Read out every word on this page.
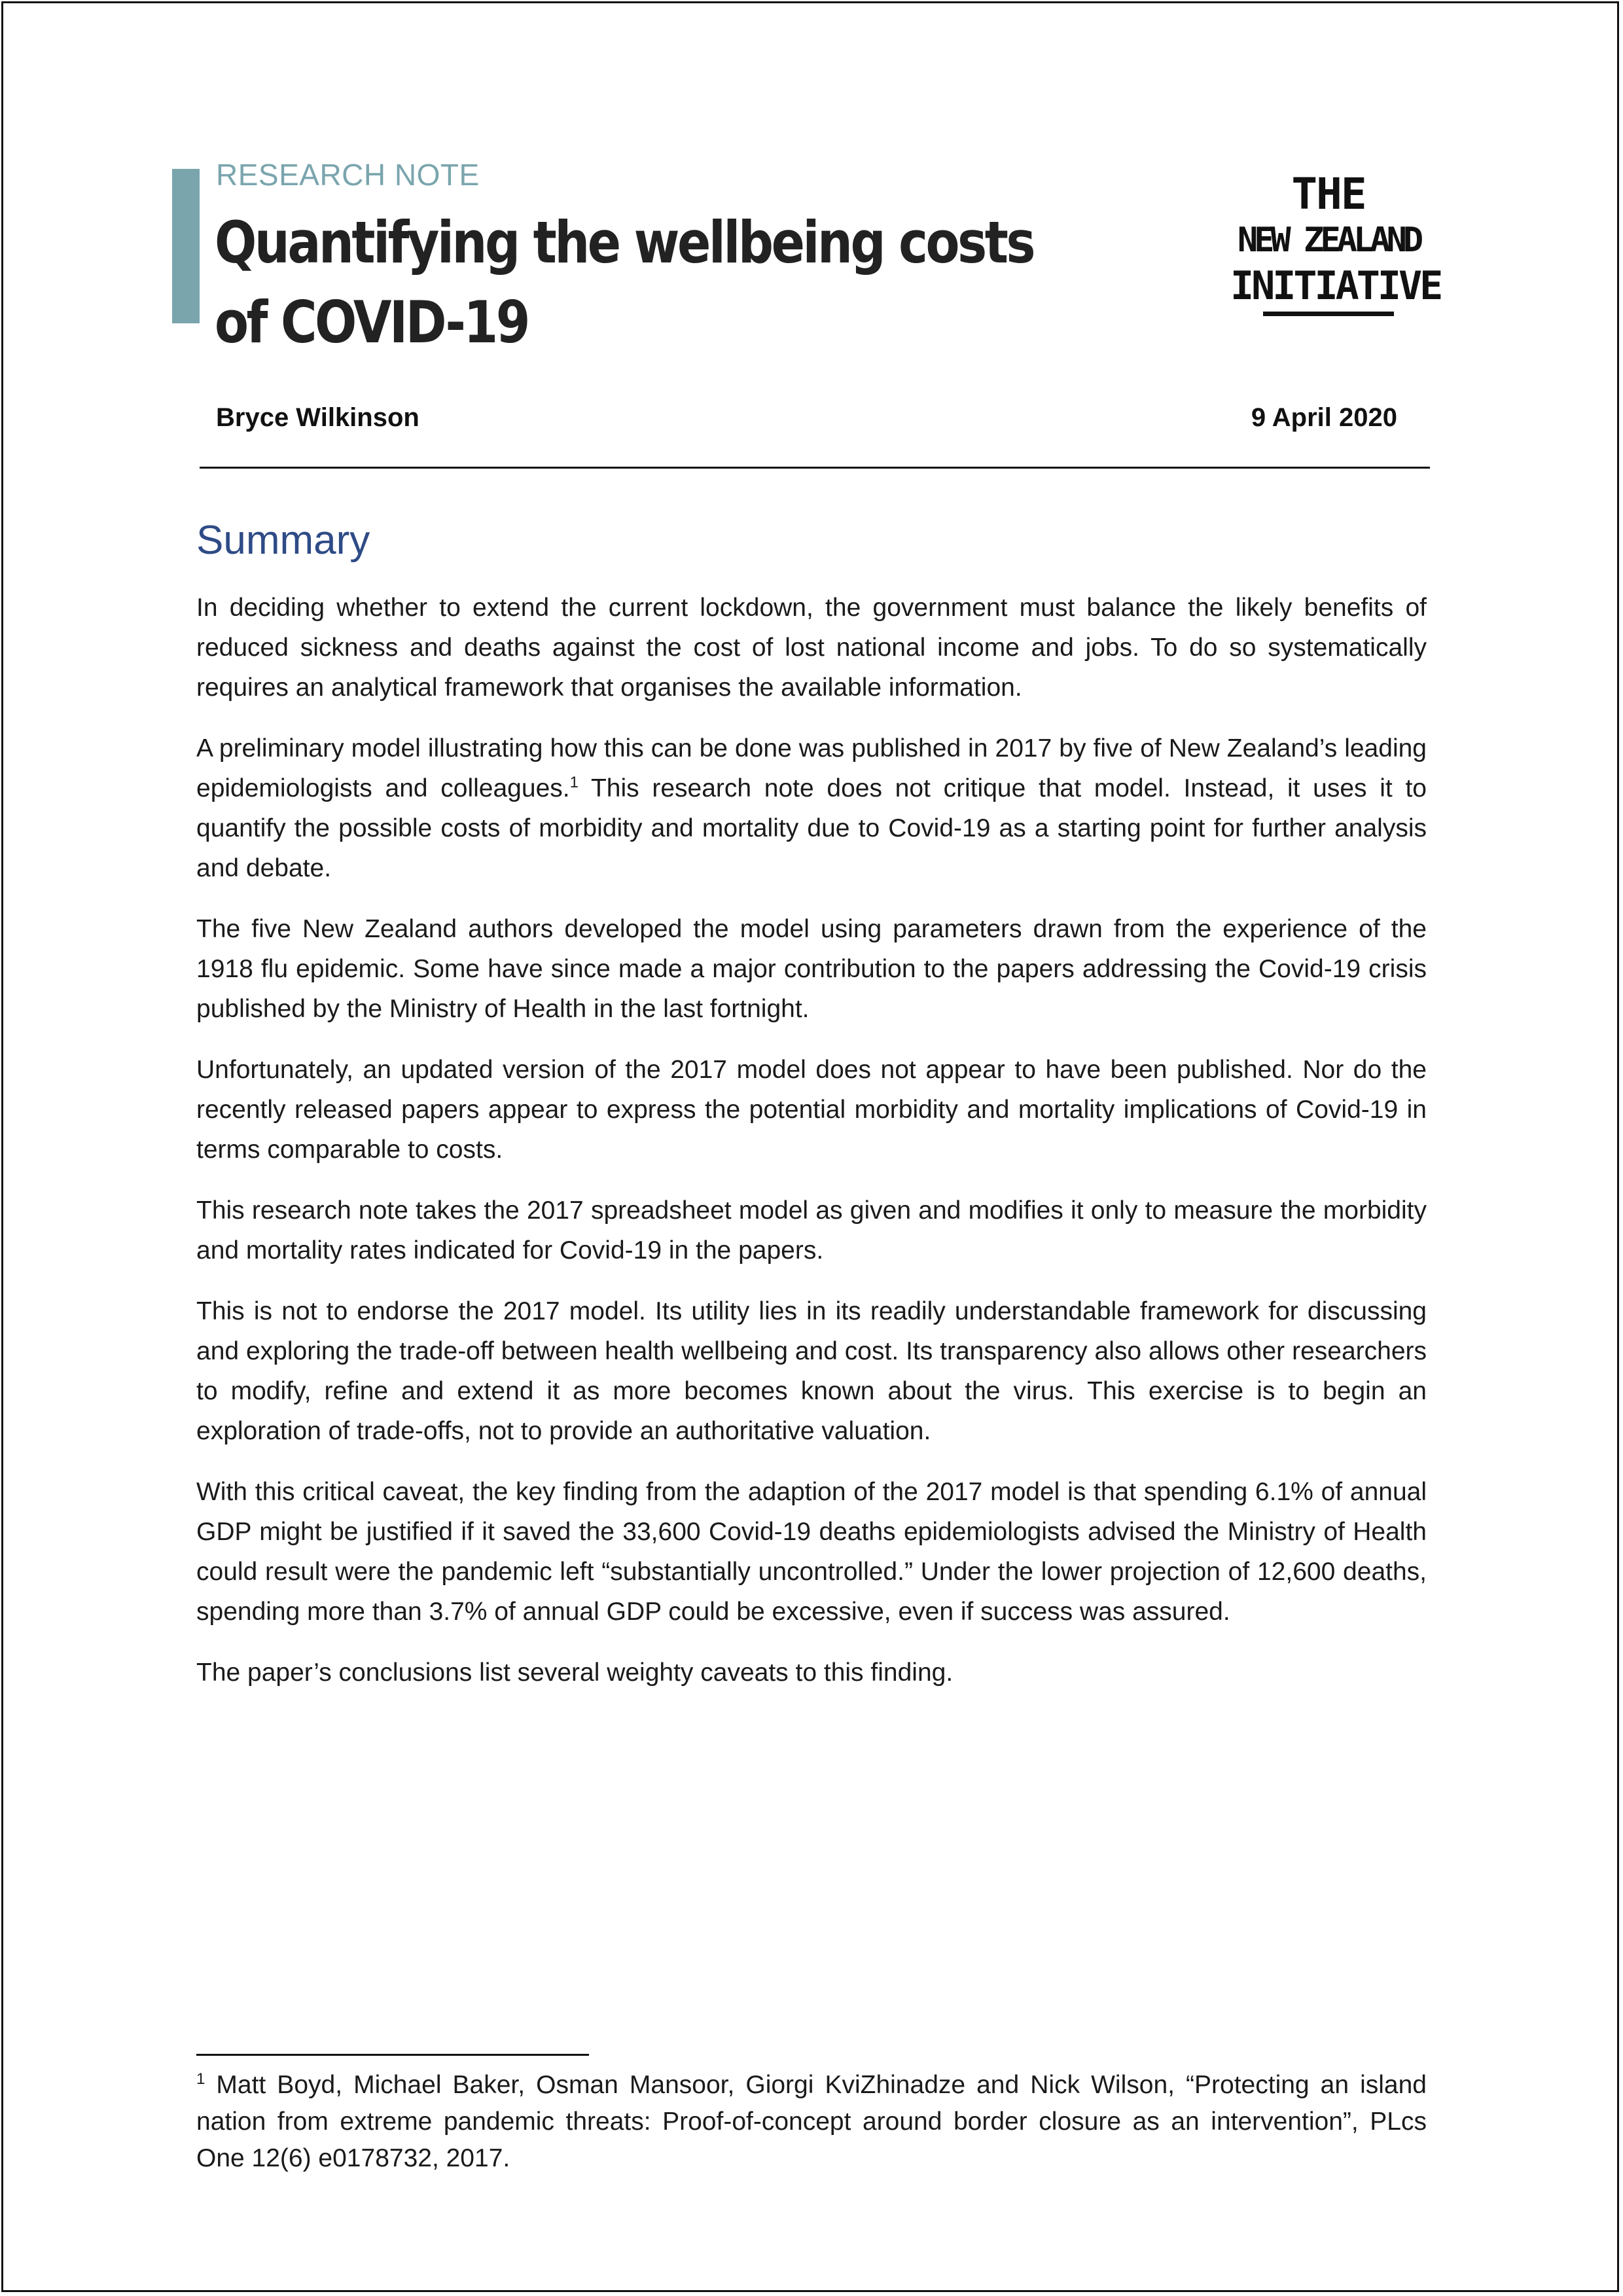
RESEARCH NOTE
Quantifying the wellbeing costs of COVID-19
THE
NEW ZEALAND
INITIATIVE
Bryce Wilkinson	9 April 2020
Summary

In deciding whether to extend the current lockdown, the government must balance the likely benefits of reduced sickness and deaths against the cost of lost national income and jobs. To do so systematically requires an analytical framework that organises the available information.

A preliminary model illustrating how this can be done was published in 2017 by five of New Zealand’s leading epidemiologists and colleagues.$^1$ This research note does not critique that model. Instead, it uses it to quantify the possible costs of morbidity and mortality due to Covid-19 as a starting point for further analysis and debate.

The five New Zealand authors developed the model using parameters drawn from the experience of the 1918 flu epidemic. Some have since made a major contribution to the papers addressing the Covid-19 crisis published by the Ministry of Health in the last fortnight.

Unfortunately, an updated version of the 2017 model does not appear to have been published. Nor do the recently released papers appear to express the potential morbidity and mortality implications of Covid-19 in terms comparable to costs.

This research note takes the 2017 spreadsheet model as given and modifies it only to measure the morbidity and mortality rates indicated for Covid-19 in the papers.

This is not to endorse the 2017 model. Its utility lies in its readily understandable framework for discussing and exploring the trade-off between health wellbeing and cost. Its transparency also allows other researchers to modify, refine and extend it as more becomes known about the virus. This exercise is to begin an exploration of trade-offs, not to provide an authoritative valuation.

With this critical caveat, the key finding from the adaption of the 2017 model is that spending 6.1% of annual GDP might be justified if it saved the 33,600 Covid-19 deaths epidemiologists advised the Ministry of Health could result were the pandemic left “substantially uncontrolled.” Under the lower projection of 12,600 deaths, spending more than 3.7% of annual GDP could be excessive, even if success was assured.

The paper’s conclusions list several weighty caveats to this finding.

$^1$ Matt Boyd, Michael Baker, Osman Mansoor, Giorgi KviZhinadze and Nick Wilson, “Protecting an island nation from extreme pandemic threats: Proof-of-concept around border closure as an intervention”, PLcs One 12(6) e0178732, 2017.
